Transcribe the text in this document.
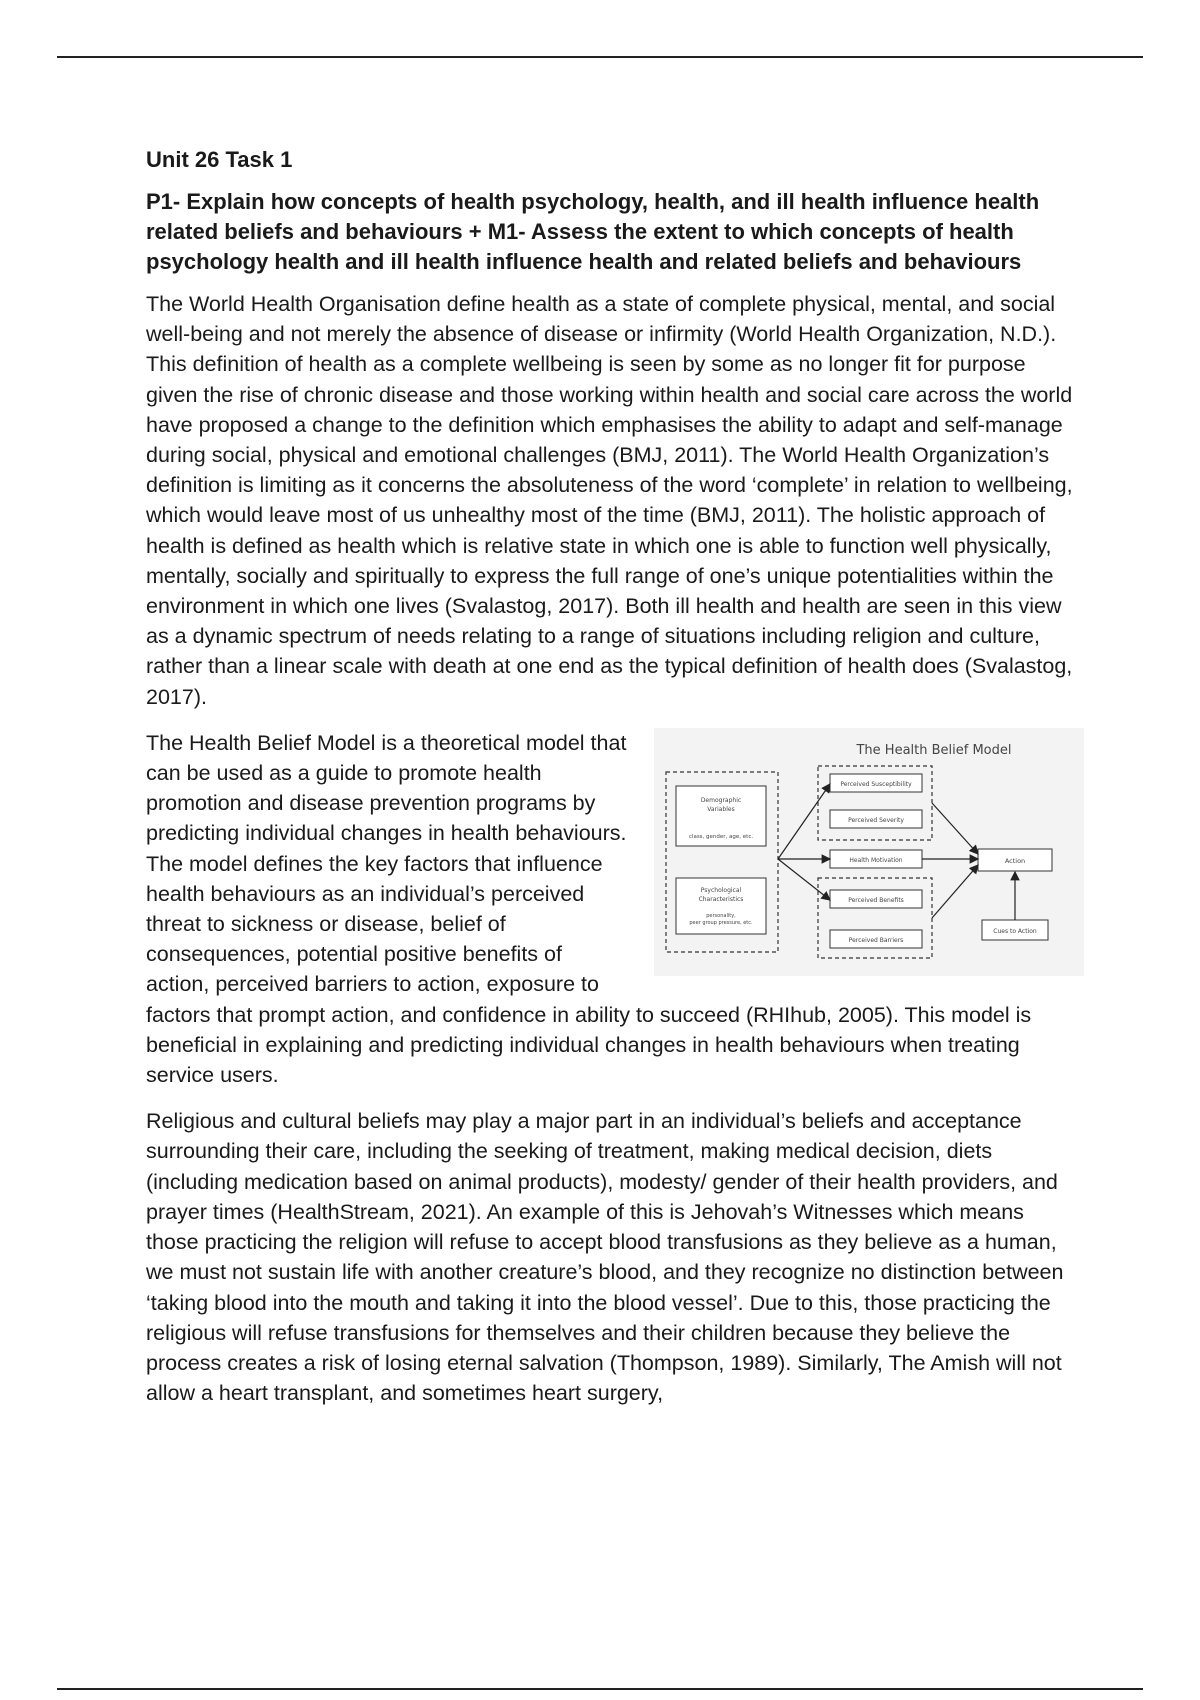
Unit 26 Task 1
P1- Explain how concepts of health psychology, health, and ill health influence health related beliefs and behaviours + M1- Assess the extent to which concepts of health psychology health and ill health influence health and related beliefs and behaviours

The World Health Organisation define health as a state of complete physical, mental, and social well-being and not merely the absence of disease or infirmity (World Health Organization, N.D.). This definition of health as a complete wellbeing is seen by some as no longer fit for purpose given the rise of chronic disease and those working within health and social care across the world have proposed a change to the definition which emphasises the ability to adapt and self-manage during social, physical and emotional challenges (BMJ, 2011). The World Health Organization’s definition is limiting as it concerns the absoluteness of the word ‘complete’ in relation to wellbeing, which would leave most of us unhealthy most of the time (BMJ, 2011). The holistic approach of health is defined as health which is relative state in which one is able to function well physically, mentally, socially and spiritually to express the full range of one’s unique potentialities within the environment in which one lives (Svalastog, 2017). Both ill health and health are seen in this view as a dynamic spectrum of needs relating to a range of situations including religion and culture, rather than a linear scale with death at one end as the typical definition of health does (Svalastog, 2017).

The Health Belief Model
Demographic
Variables
class, gender, age, etc.
Psychological
Characteristics
personality,
peer group pressure, etc.
Perceived Susceptibility
Perceived Severity
Health Motivation
Perceived Benefits
Perceived Barriers
Action
Cues to Action
The Health Belief Model is a theoretical model that can be used as a guide to promote health promotion and disease prevention programs by predicting individual changes in health behaviours. The model defines the key factors that influence health behaviours as an individual’s perceived threat to sickness or disease, belief of consequences, potential positive benefits of action, perceived barriers to action, exposure to factors that prompt action, and confidence in ability to succeed (RHIhub, 2005). This model is beneficial in explaining and predicting individual changes in health behaviours when treating service users.

Religious and cultural beliefs may play a major part in an individual’s beliefs and acceptance surrounding their care, including the seeking of treatment, making medical decision, diets (including medication based on animal products), modesty/ gender of their health providers, and prayer times (HealthStream, 2021). An example of this is Jehovah’s Witnesses which means those practicing the religion will refuse to accept blood transfusions as they believe as a human, we must not sustain life with another creature’s blood, and they recognize no distinction between ‘taking blood into the mouth and taking it into the blood vessel’. Due to this, those practicing the religious will refuse transfusions for themselves and their children because they believe the process creates a risk of losing eternal salvation (Thompson, 1989). Similarly, The Amish will not allow a heart transplant, and sometimes heart surgery,
